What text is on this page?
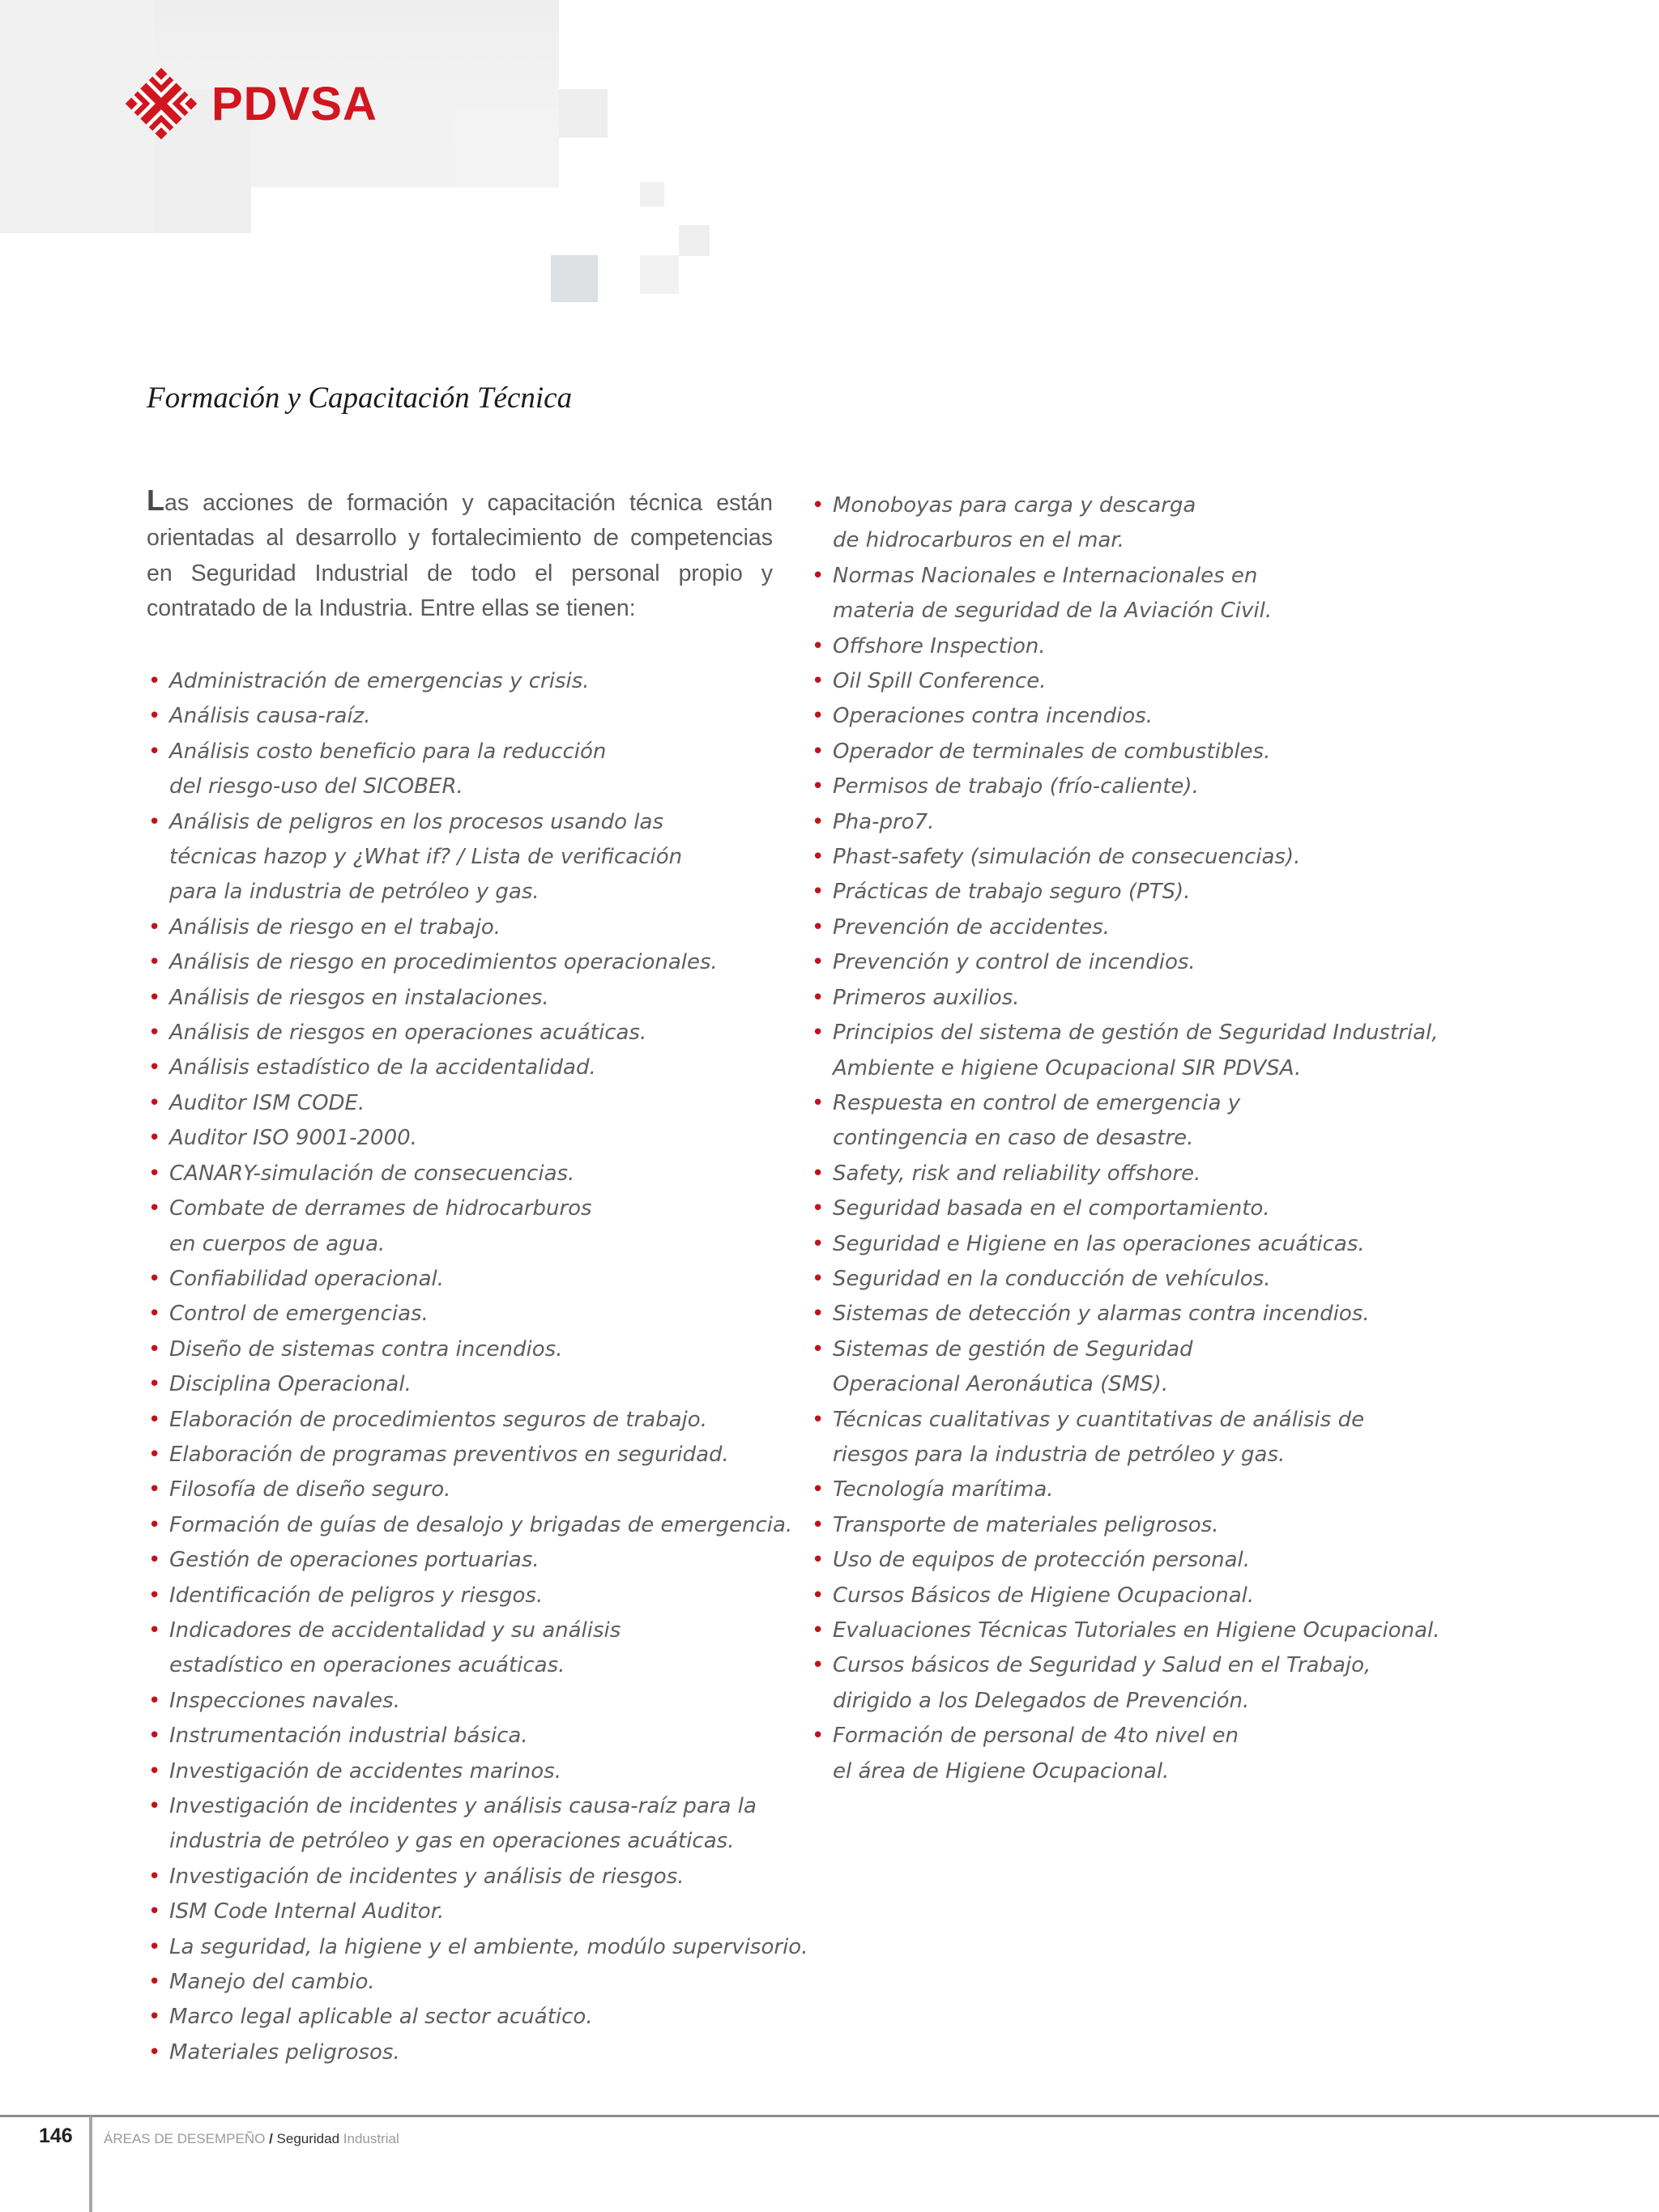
PDVSA
Formación y Capacitación Técnica

Las acciones de formación y capacitación técnica están orientadas al desarrollo y fortalecimiento de competencias en Seguridad Industrial de todo el personal propio y contratado de la Industria. Entre ellas se tienen:

• Administración de emergencias y crisis.
• Análisis causa-raíz.
• Análisis costo beneficio para la reducción
del riesgo-uso del SICOBER.
• Análisis de peligros en los procesos usando las
técnicas hazop y ¿What if? / Lista de verificación
para la industria de petróleo y gas.
• Análisis de riesgo en el trabajo.
• Análisis de riesgo en procedimientos operacionales.
• Análisis de riesgos en instalaciones.
• Análisis de riesgos en operaciones acuáticas.
• Análisis estadístico de la accidentalidad.
• Auditor ISM CODE.
• Auditor ISO 9001-2000.
• CANARY-simulación de consecuencias.
• Combate de derrames de hidrocarburos
en cuerpos de agua.
• Confiabilidad operacional.
• Control de emergencias.
• Diseño de sistemas contra incendios.
• Disciplina Operacional.
• Elaboración de procedimientos seguros de trabajo.
• Elaboración de programas preventivos en seguridad.
• Filosofía de diseño seguro.
• Formación de guías de desalojo y brigadas de emergencia.
• Gestión de operaciones portuarias.
• Identificación de peligros y riesgos.
• Indicadores de accidentalidad y su análisis
estadístico en operaciones acuáticas.
• Inspecciones navales.
• Instrumentación industrial básica.
• Investigación de accidentes marinos.
• Investigación de incidentes y análisis causa-raíz para la
industria de petróleo y gas en operaciones acuáticas.
• Investigación de incidentes y análisis de riesgos.
• ISM Code Internal Auditor.
• La seguridad, la higiene y el ambiente, modúlo supervisorio.
• Manejo del cambio.
• Marco legal aplicable al sector acuático.
• Materiales peligrosos.
• Monoboyas para carga y descarga
de hidrocarburos en el mar.
• Normas Nacionales e Internacionales en
materia de seguridad de la Aviación Civil.
• Offshore Inspection.
• Oil Spill Conference.
• Operaciones contra incendios.
• Operador de terminales de combustibles.
• Permisos de trabajo (frío-caliente).
• Pha-pro7.
• Phast-safety (simulación de consecuencias).
• Prácticas de trabajo seguro (PTS).
• Prevención de accidentes.
• Prevención y control de incendios.
• Primeros auxilios.
• Principios del sistema de gestión de Seguridad Industrial,
Ambiente e higiene Ocupacional SIR PDVSA.
• Respuesta en control de emergencia y
contingencia en caso de desastre.
• Safety, risk and reliability offshore.
• Seguridad basada en el comportamiento.
• Seguridad e Higiene en las operaciones acuáticas.
• Seguridad en la conducción de vehículos.
• Sistemas de detección y alarmas contra incendios.
• Sistemas de gestión de Seguridad
Operacional Aeronáutica (SMS).
• Técnicas cualitativas y cuantitativas de análisis de
riesgos para la industria de petróleo y gas.
• Tecnología marítima.
• Transporte de materiales peligrosos.
• Uso de equipos de protección personal.
• Cursos Básicos de Higiene Ocupacional.
• Evaluaciones Técnicas Tutoriales en Higiene Ocupacional.
• Cursos básicos de Seguridad y Salud en el Trabajo,
dirigido a los Delegados de Prevención.
• Formación de personal de 4to nivel en
el área de Higiene Ocupacional.
146 ÁREAS DE DESEMPEÑO / Seguridad Industrial
